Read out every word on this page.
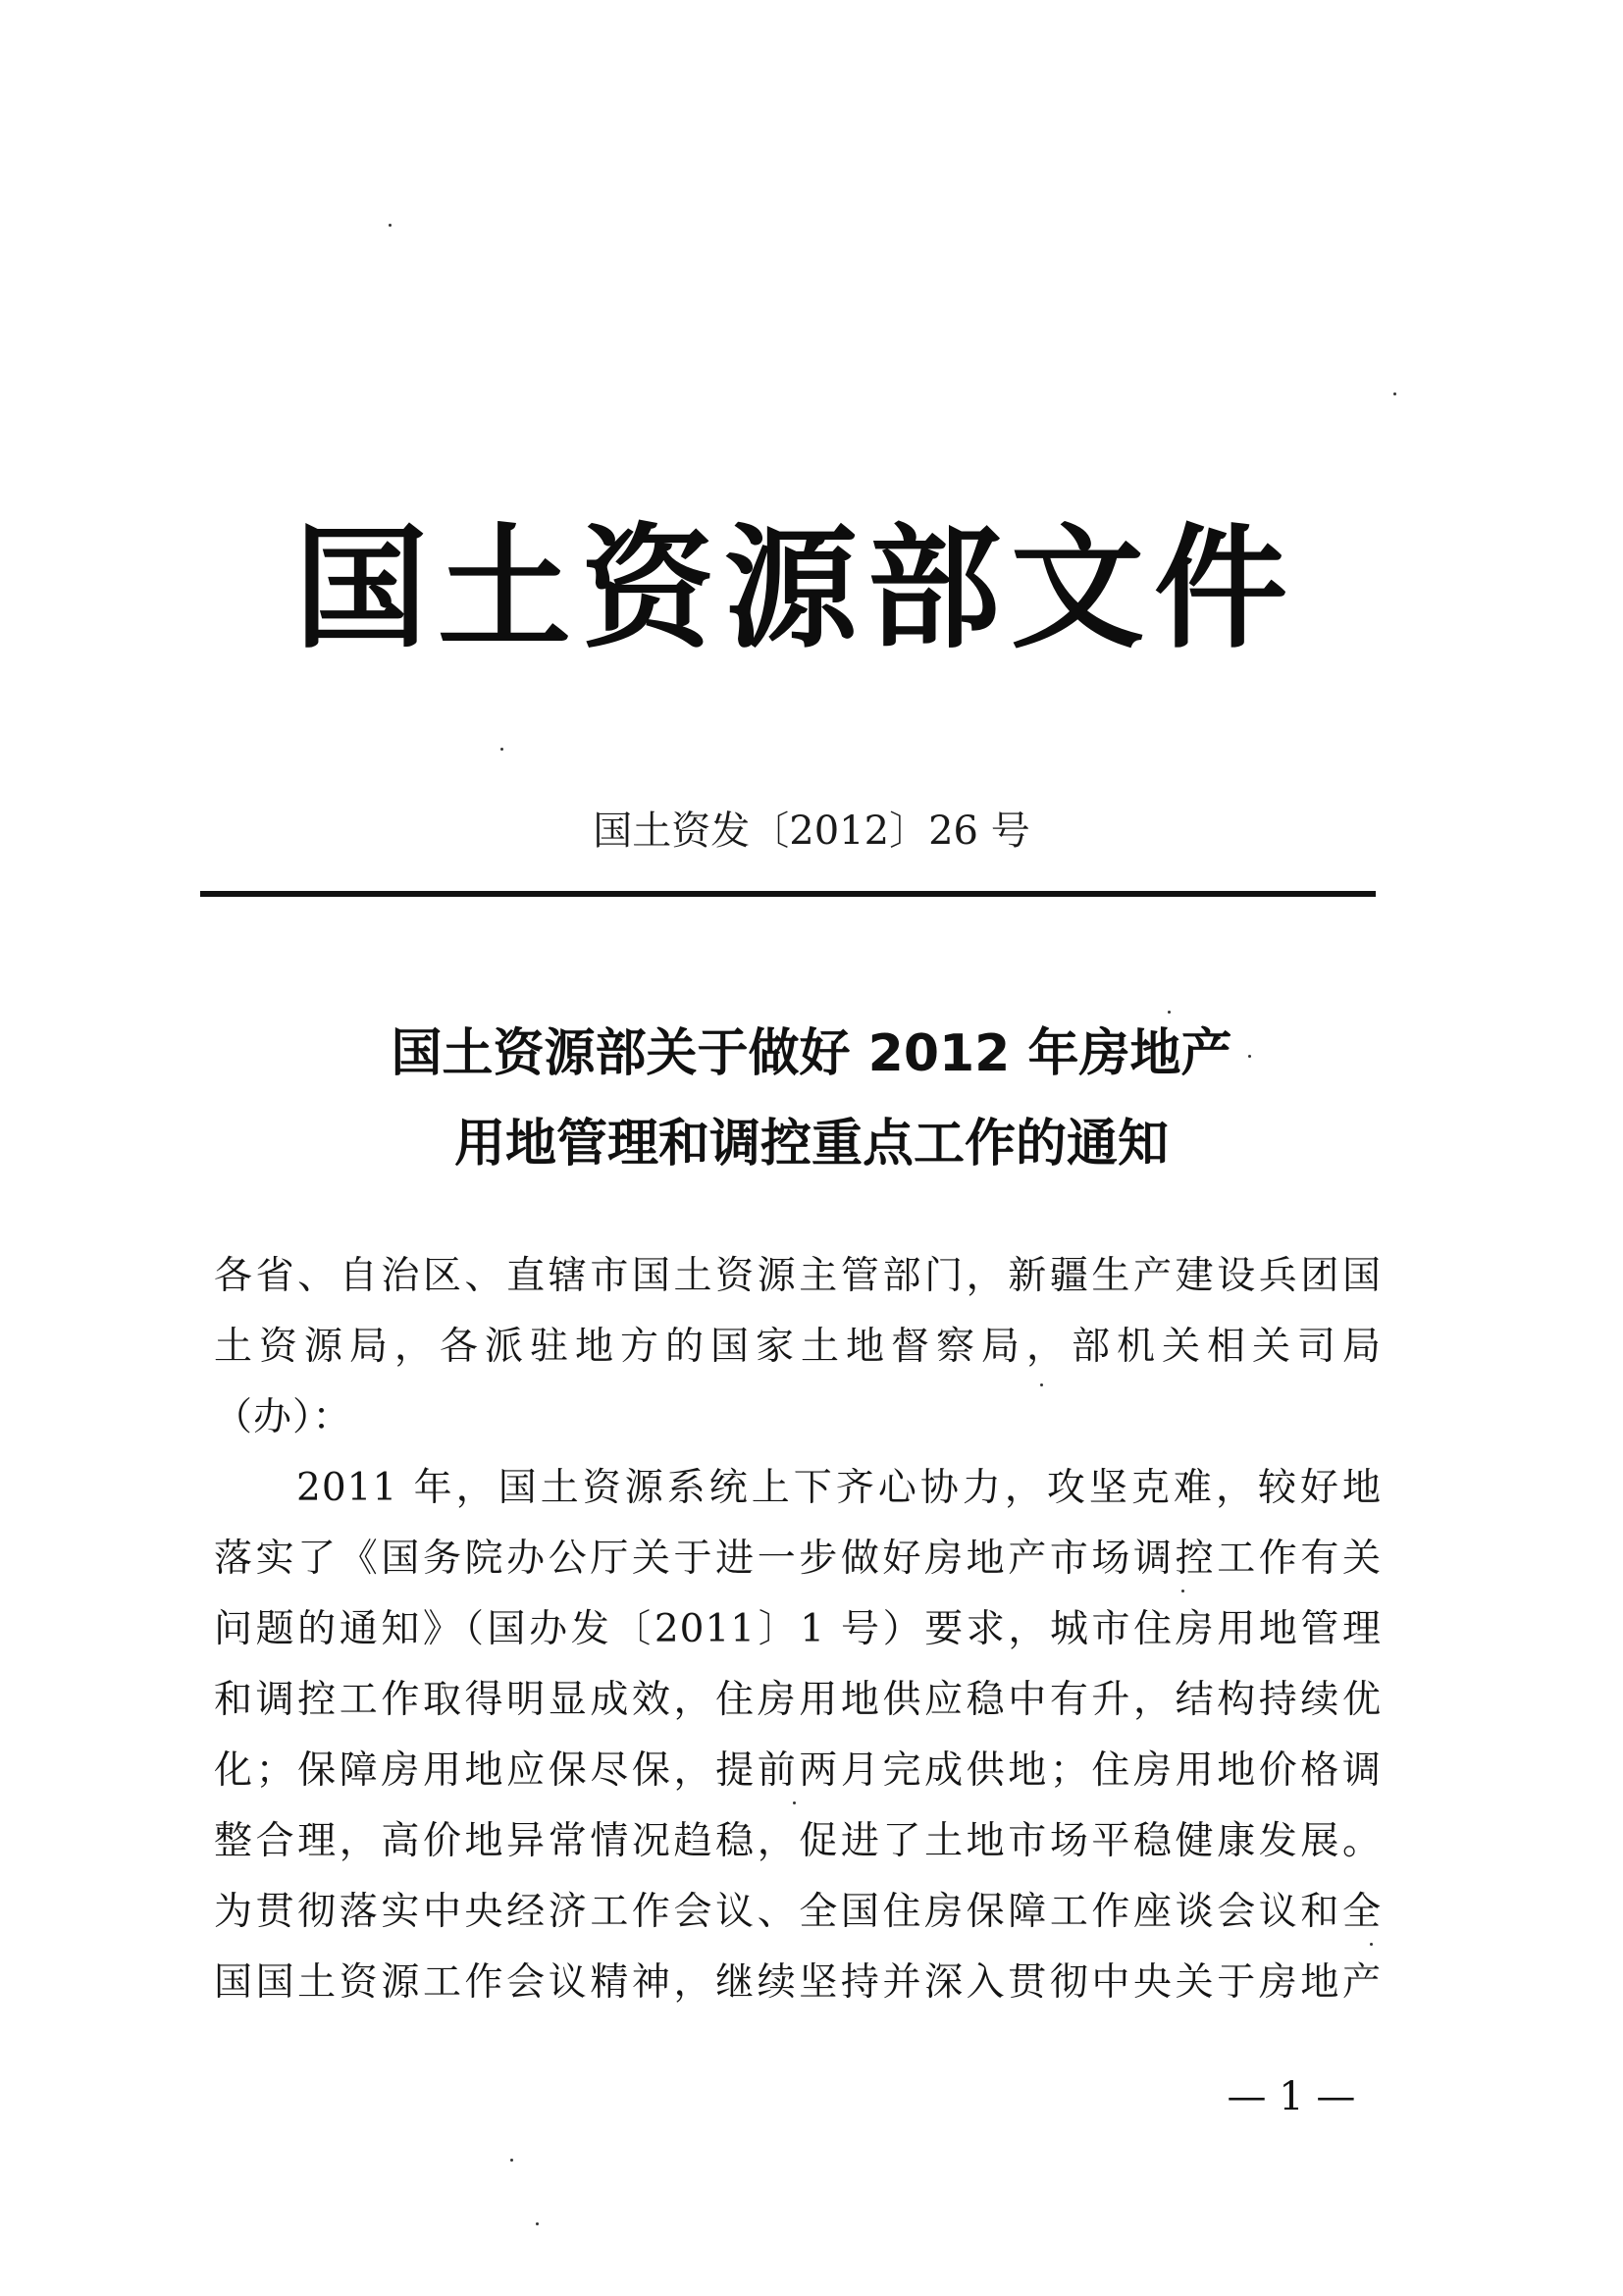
国土资源部文件
国土资发〔2012〕26 号
国土资源部关于做好 2012 年房地产
用地管理和调控重点工作的通知
各省、自治区、直辖市国土资源主管部门，新疆生产建设兵团国
土资源局，各派驻地方的国家土地督察局，部机关相关司局
（办）：
2011 年，国土资源系统上下齐心协力，攻坚克难，较好地
落实了《国务院办公厅关于进一步做好房地产市场调控工作有关
问题的通知》（国办发〔2011〕1 号）要求，城市住房用地管理
和调控工作取得明显成效，住房用地供应稳中有升，结构持续优
化；保障房用地应保尽保，提前两月完成供地；住房用地价格调
整合理，高价地异常情况趋稳，促进了土地市场平稳健康发展。
为贯彻落实中央经济工作会议、全国住房保障工作座谈会议和全
国国土资源工作会议精神，继续坚持并深入贯彻中央关于房地产
— 1 —
